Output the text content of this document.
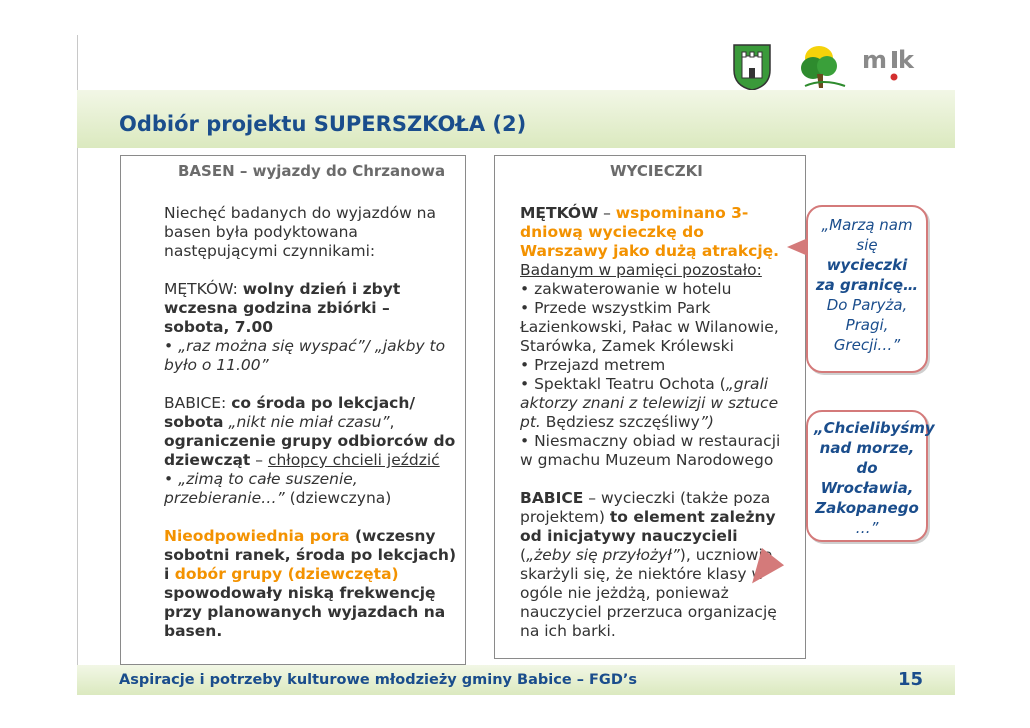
m k
Odbiór projektu SUPERSZKOŁA (2)
BASEN – wyjazdy do Chrzanowa

Niechęć badanych do wyjazdów na basen była podyktowana następującymi czynnikami:

MĘTKÓW: wolny dzień i zbyt wczesna godzina zbiórki – sobota, 7.00

• „raz można się wyspać”/ „jakby to było o 11.00”

BABICE: co środa po lekcjach/ sobota „nikt nie miał czasu”, ograniczenie grupy odbiorców do dziewcząt – chłopcy chcieli jeździć

• „zimą to całe suszenie, przebieranie…” (dziewczyna)

Nieodpowiednia pora (wczesny sobotni ranek, środa po lekcjach) i dobór grupy (dziewczęta) spowodowały niską frekwencję przy planowanych wyjazdach na basen.

WYCIECZKI

MĘTKÓW – wspominano 3-dniową wycieczkę do Warszawy jako dużą atrakcję.

Badanym w pamięci pozostało:

• zakwaterowanie w hotelu

• Przede wszystkim Park Łazienkowski, Pałac w Wilanowie, Starówka, Zamek Królewski

• Przejazd metrem

• Spektakl Teatru Ochota („grali aktorzy znani z telewizji w sztuce pt. Będziesz szczęśliwy”)

• Niesmaczny obiad w restauracji w gmachu Muzeum Narodowego

BABICE – wycieczki (także poza projektem) to element zależny od inicjatywy nauczycieli („żeby się przyłożył”), uczniowie skarżyli się, że niektóre klasy w ogóle nie jeżdżą, ponieważ nauczyciel przerzuca organizację na ich barki.

„Marzą nam
się
wycieczki
za granicę…
Do Paryża,
Pragi,
Grecji…”
„Chcielibyśmy
nad morze,
do
Wrocławia,
Zakopanego
…”
Aspiracje i potrzeby kulturowe młodzieży gminy Babice – FGD’s	15
